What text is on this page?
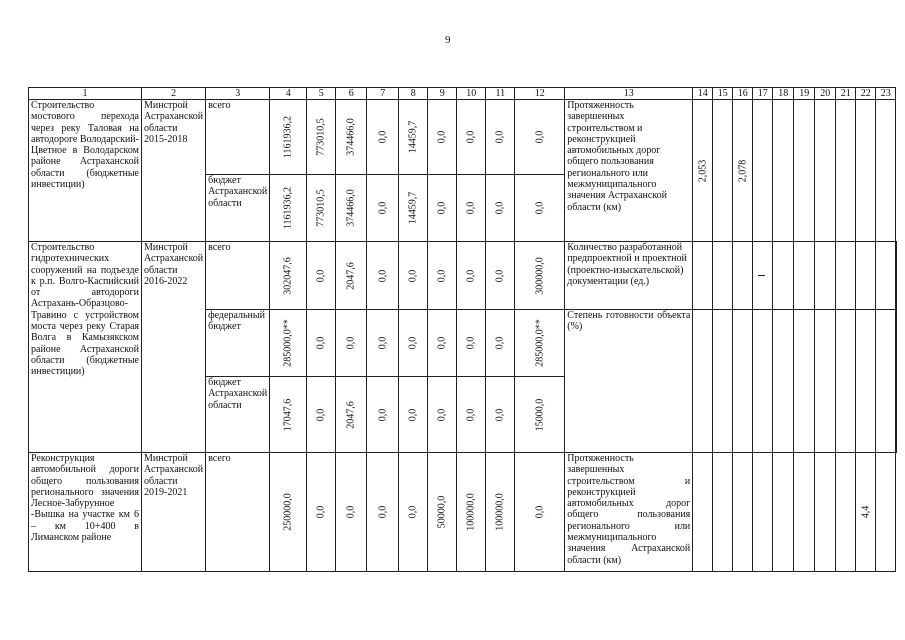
9
1	2	3	4	5	6	7	8	9	10	11	12	13	14	15	16	17	18	19	20	21	22	23	
Строительство мостового перехода через реку Таловая на автодороге Володарский-Цветное в Володарском районе Астраханской области (бюджетные инвестиции)	Минстрой Астраханской области 2015-2018	всего	1161936,2	773010,5	374466,0	0,0	14459,7	0,0	0,0	0,0	0,0	Протяженность завершенных строительством и реконструкцией автомобильных дорог общего пользования регионального или межмуниципального значения Астраханской области (км)	2,053		2,078								

		бюджет Астраханской области	1161936,2	773010,5	374466,0	0,0	14459,7	0,0	0,0	0,0	0,0												

Строительство гидротехнических сооружений на подъезде к р.п. Волго-Каспийский от автодороги Астрахань-Образцово-Травино с устройством моста через реку Старая Волга в Камызякском районе Астраханской области (бюджетные инвестиции)	Минстрой Астраханской области 2016-2022	всего	302047,6	0,0	2047,6	0,0	0,0	0,0	0,0	0,0	300000,0	Количество разработанной предпроектной и проектной (проектно-изыскательской) документации (ед.)				

		федеральный бюджет	285000,0**	0,0	0,0	0,0	0,0	0,0	0,0	0,0	285000,0**	Степень готовности объекта (%)											
		бюджет Астраханской области	17047,6	0,0	2047,6	0,0	0,0	0,0	0,0	0,0	15000,0												

Реконструкция автомобильной дороги общего пользования регионального значения Лесное-Забурунное -Вышка на участке км 6 – км 10+400 в Лиманском районе	Минстрой Астраханской области 2019-2021	всего	250000,0	0,0	0,0	0,0	0,0	50000,0	100000,0	100000,0	0,0	Протяженность завершенных строительством и реконструкцией автомобильных дорог общего пользования регионального или межмуниципального значения Астраханской области (км)									4,4		
